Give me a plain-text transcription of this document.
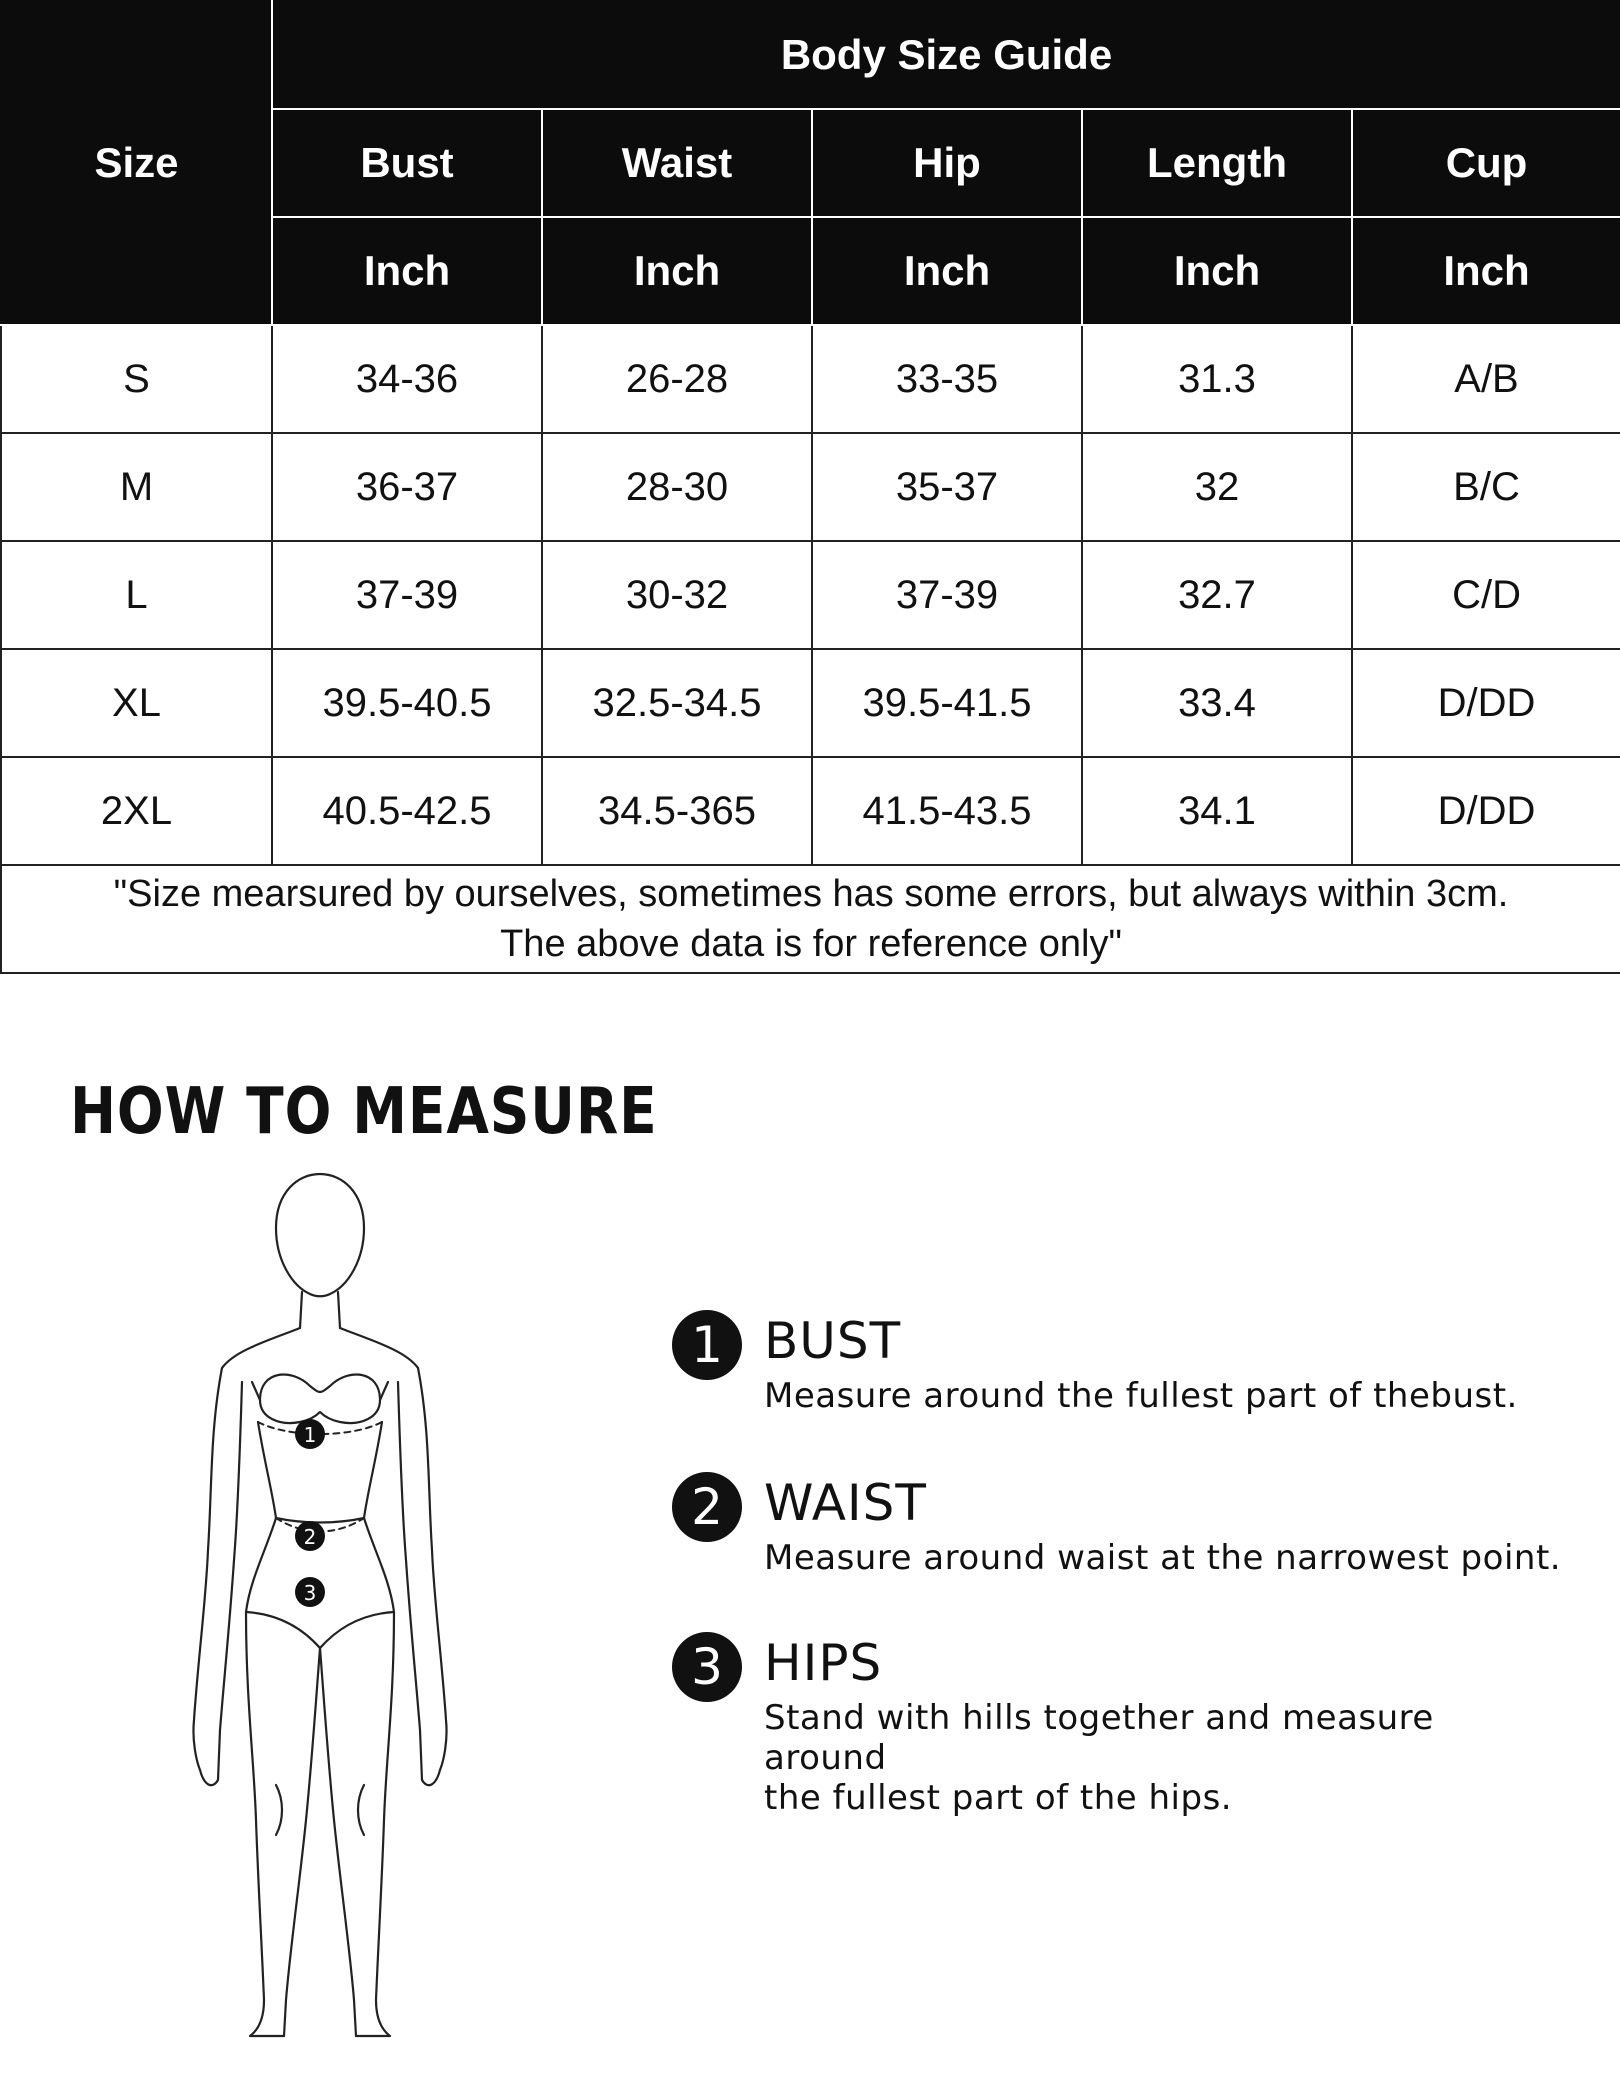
Size	Body Size Guide				
	Bust	Waist	Hip	Length	Cup
	Inch	Inch	Inch	Inch	Inch
S	34-36	26-28	33-35	31.3	A/B
M	36-37	28-30	35-37	32	B/C
L	37-39	30-32	37-39	32.7	C/D
XL	39.5-40.5	32.5-34.5	39.5-41.5	33.4	D/DD
2XL	40.5-42.5	34.5-365	41.5-43.5	34.1	D/DD

"Size mearsured by ourselves, sometimes has some errors, but always within 3cm.
The above data is for reference only"					
HOW TO MEASURE
1
2
3
1 BUST
Measure around the fullest part of thebust.
2 WAIST
Measure around waist at the narrowest point.
3 HIPS
Stand with hills together and measure around
the fullest part of the hips.
